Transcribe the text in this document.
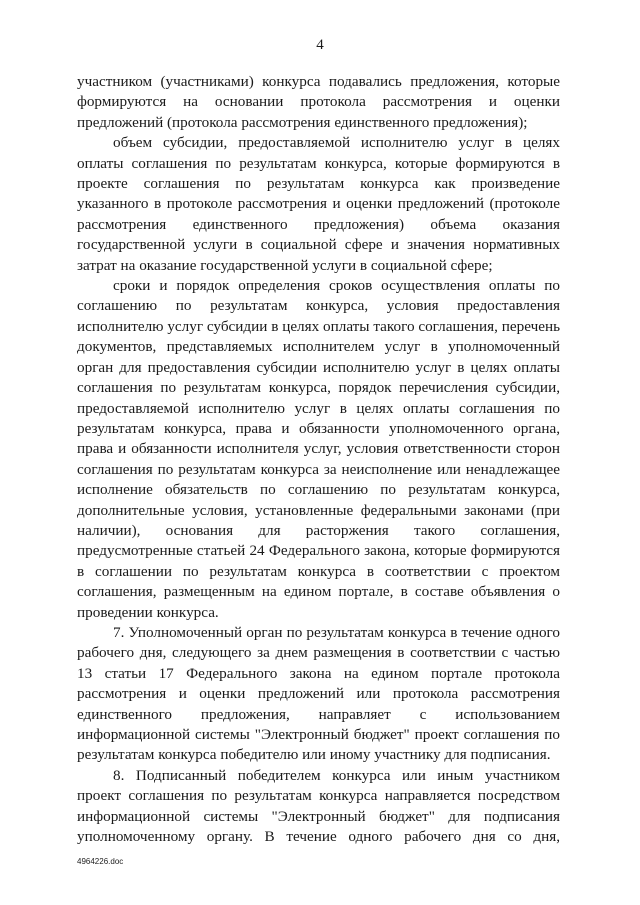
4

участником (участниками) конкурса подавались предложения, которые формируются на основании протокола рассмотрения и оценки предложений (протокола рассмотрения единственного предложения);

объем субсидии, предоставляемой исполнителю услуг в целях оплаты соглашения по результатам конкурса, которые формируются в проекте соглашения по результатам конкурса как произведение указанного в протоколе рассмотрения и оценки предложений (протоколе рассмотрения единственного предложения) объема оказания государственной услуги в социальной сфере и значения нормативных затрат на оказание государственной услуги в социальной сфере;

сроки и порядок определения сроков осуществления оплаты по соглашению по результатам конкурса, условия предоставления исполнителю услуг субсидии в целях оплаты такого соглашения, перечень документов, представляемых исполнителем услуг в уполномоченный орган для предоставления субсидии исполнителю услуг в целях оплаты соглашения по результатам конкурса, порядок перечисления субсидии, предоставляемой исполнителю услуг в целях оплаты соглашения по результатам конкурса, права и обязанности уполномоченного органа, права и обязанности исполнителя услуг, условия ответственности сторон соглашения по результатам конкурса за неисполнение или ненадлежащее исполнение обязательств по соглашению по результатам конкурса, дополнительные условия, установленные федеральными законами (при наличии), основания для расторжения такого соглашения, предусмотренные статьей 24 Федерального закона, которые формируются в соглашении по результатам конкурса в соответствии с проектом соглашения, размещенным на едином портале, в составе объявления о проведении конкурса.

7. Уполномоченный орган по результатам конкурса в течение одного рабочего дня, следующего за днем размещения в соответствии с частью 13 статьи 17 Федерального закона на едином портале протокола рассмотрения и оценки предложений или протокола рассмотрения единственного предложения, направляет с использованием информационной системы "Электронный бюджет" проект соглашения по результатам конкурса победителю или иному участнику для подписания.

8. Подписанный победителем конкурса или иным участником проект соглашения по результатам конкурса направляется посредством информационной системы "Электронный бюджет" для подписания уполномоченному органу. В течение одного рабочего дня со дня,

4964226.doc
